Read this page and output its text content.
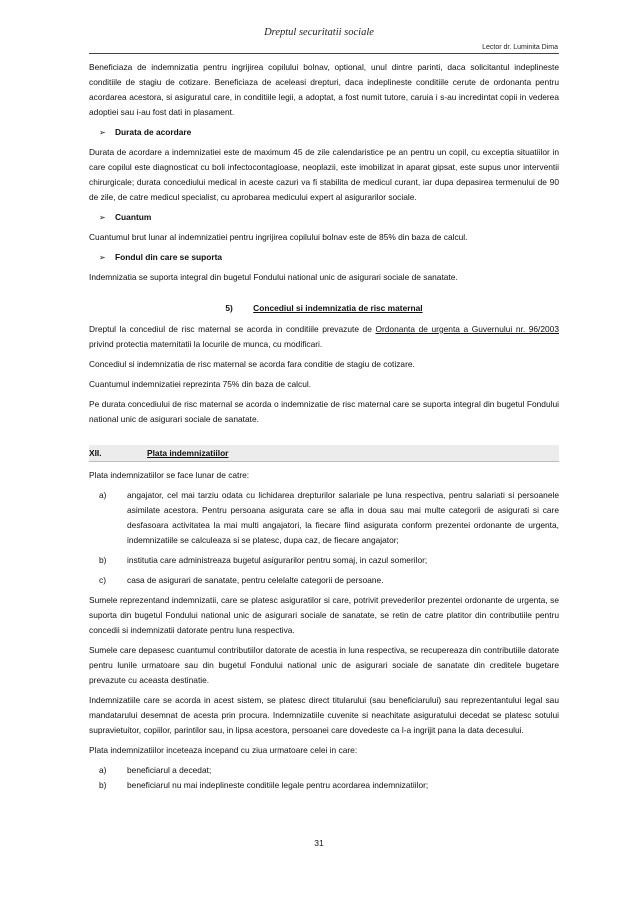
Dreptul securitatii sociale
Lector dr. Luminita Dima

Beneficiaza de indemnizatia pentru ingrijirea copilului bolnav, optional, unul dintre parinti, daca solicitantul indeplineste conditiile de stagiu de cotizare. Beneficiaza de aceleasi drepturi, daca indeplineste conditiile cerute de ordonanta pentru acordarea acestora, si asiguratul care, in conditiile legii, a adoptat, a fost numit tutore, caruia i s-au incredintat copii in vederea adoptiei sau i-au fost dati in plasament.

➢	Durata de acordare

Durata de acordare a indemnizatiei este de maximum 45 de zile calendaristice pe an pentru un copil, cu exceptia situatiilor in care copilul este diagnosticat cu boli infectocontagioase, neoplazii, este imobilizat in aparat gipsat, este supus unor interventii chirurgicale; durata concediului medical in aceste cazuri va fi stabilita de medicul curant, iar dupa depasirea termenului de 90 de zile, de catre medicul specialist, cu aprobarea medicului expert al asigurarilor sociale.

➢	Cuantum

Cuantumul brut lunar al indemnizatiei pentru ingrijirea copilului bolnav este de 85% din baza de calcul.

➢	Fondul din care se suporta

Indemnizatia se suporta integral din bugetul Fondului national unic de asigurari sociale de sanatate.

5) Concediul si indemnizatia de risc maternal

Dreptul la concediul de risc maternal se acorda in conditiile prevazute de Ordonanta de urgenta a Guvernului nr. 96/2003 privind protectia maternitatii la locurile de munca, cu modificari.

Concediul si indemnizatia de risc maternal se acorda fara conditie de stagiu de cotizare.

Cuantumul indemnizatiei reprezinta 75% din baza de calcul.

Pe durata concediului de risc maternal se acorda o indemnizatie de risc maternal care se suporta integral din bugetul Fondului national unic de asigurari sociale de sanatate.

XII.	Plata indemnizatiilor

Plata indemnizatiilor se face lunar de catre:

a)	angajator, cel mai tarziu odata cu lichidarea drepturilor salariale pe luna respectiva, pentru salariati si persoanele asimilate acestora. Pentru persoana asigurata care se afla in doua sau mai multe categorii de asigurati si care desfasoara activitatea la mai multi angajatori, la fiecare fiind asigurata conform prezentei ordonante de urgenta, indemnizatiile se calculeaza si se platesc, dupa caz, de fiecare angajator;
b)	institutia care administreaza bugetul asigurarilor pentru somaj, in cazul somerilor;
c)	casa de asigurari de sanatate, pentru celelalte categorii de persoane.

Sumele reprezentand indemnizatii, care se platesc asiguratilor si care, potrivit prevederilor prezentei ordonante de urgenta, se suporta din bugetul Fondului national unic de asigurari sociale de sanatate, se retin de catre platitor din contributiile pentru concedii si indemnizatii datorate pentru luna respectiva.

Sumele care depasesc cuantumul contributiilor datorate de acestia in luna respectiva, se recupereaza din contributiile datorate pentru lunile urmatoare sau din bugetul Fondului national unic de asigurari sociale de sanatate din creditele bugetare prevazute cu aceasta destinatie.

Indemnizatiile care se acorda in acest sistem, se platesc direct titularului (sau beneficiarului) sau reprezentantului legal sau mandatarului desemnat de acesta prin procura. Indemnizatiile cuvenite si neachitate asiguratului decedat se platesc sotului supravietuitor, copiilor, parintilor sau, in lipsa acestora, persoanei care dovedeste ca l-a ingrijit pana la data decesului.

Plata indemnizatiilor inceteaza incepand cu ziua urmatoare celei in care:

a)	beneficiarul a decedat;
b)	beneficiarul nu mai indeplineste conditiile legale pentru acordarea indemnizatiilor;
31
